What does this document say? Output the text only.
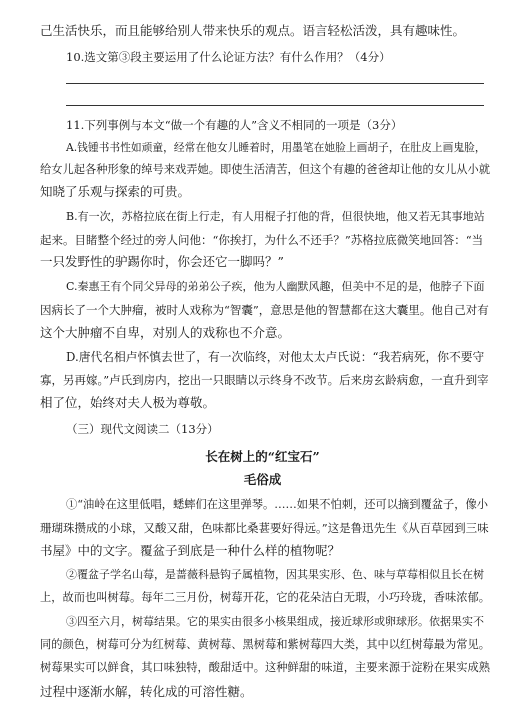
己生活快乐，而且能够给别人带来快乐的观点。语言轻松活泼，具有趣味性。
10.选文第③段主要运用了什么论证方法？有什么作用？（4分）
11.下列事例与本文“做一个有趣的人”含义不相同的一项是（3分）
A.钱锺书书性如顽童，经常在他女儿睡着时，用墨笔在她脸上画胡子，在肚皮上画鬼脸，
给女儿起各种形象的绰号来戏弄她。即使生活清苦，但这个有趣的爸爸却让他的女儿从小就
知晓了乐观与探索的可贵。
B.有一次，苏格拉底在街上行走，有人用棍子打他的背，但很快地，他又若无其事地站
起来。目睹整个经过的旁人问他：“你挨打，为什么不还手？”苏格拉底微笑地回答：“当
一只发野性的驴踢你时，你会还它一脚吗？”
C.秦惠王有个同父异母的弟弟公子疾，他为人幽默风趣，但美中不足的是，他脖子下面
因病长了一个大肿瘤，被时人戏称为“智囊”，意思是他的智慧都在这大囊里。他自己对有
这个大肿瘤不自卑，对别人的戏称也不介意。
D.唐代名相卢怀慎去世了，有一次临终，对他太太卢氏说：“我若病死，你不要守
寡，另再嫁。”卢氏到房内，挖出一只眼睛以示终身不改节。后来房玄龄病愈，一直升到宰
相了位，始终对夫人极为尊敬。
（三）现代文阅读二（13分）
长在树上的“红宝石”
毛俗成
①“油岭在这里低唱，蟋蟀们在这里弹琴。……如果不怕刺，还可以摘到覆盆子，像小
珊瑚珠攒成的小球，又酸又甜，色味都比桑葚要好得远。”这是鲁迅先生《从百草园到三味
书屋》中的文字。覆盆子到底是一种什么样的植物呢？
②覆盆子学名山莓，是蔷薇科悬钩子属植物，因其果实形、色、味与草莓相似且长在树
上，故而也叫树莓。每年二三月份，树莓开花，它的花朵洁白无瑕，小巧玲珑，香味浓郁。
③四至六月，树莓结果。它的果实由很多小核果组成，接近球形或卵球形。依据果实不
同的颜色，树莓可分为红树莓、黄树莓、黑树莓和紫树莓四大类，其中以红树莓最为常见。
树莓果实可以鲜食，其口味独特，酸甜适中。这种鲜甜的味道，主要来源于淀粉在果实成熟
过程中逐渐水解，转化成的可溶性糖。
